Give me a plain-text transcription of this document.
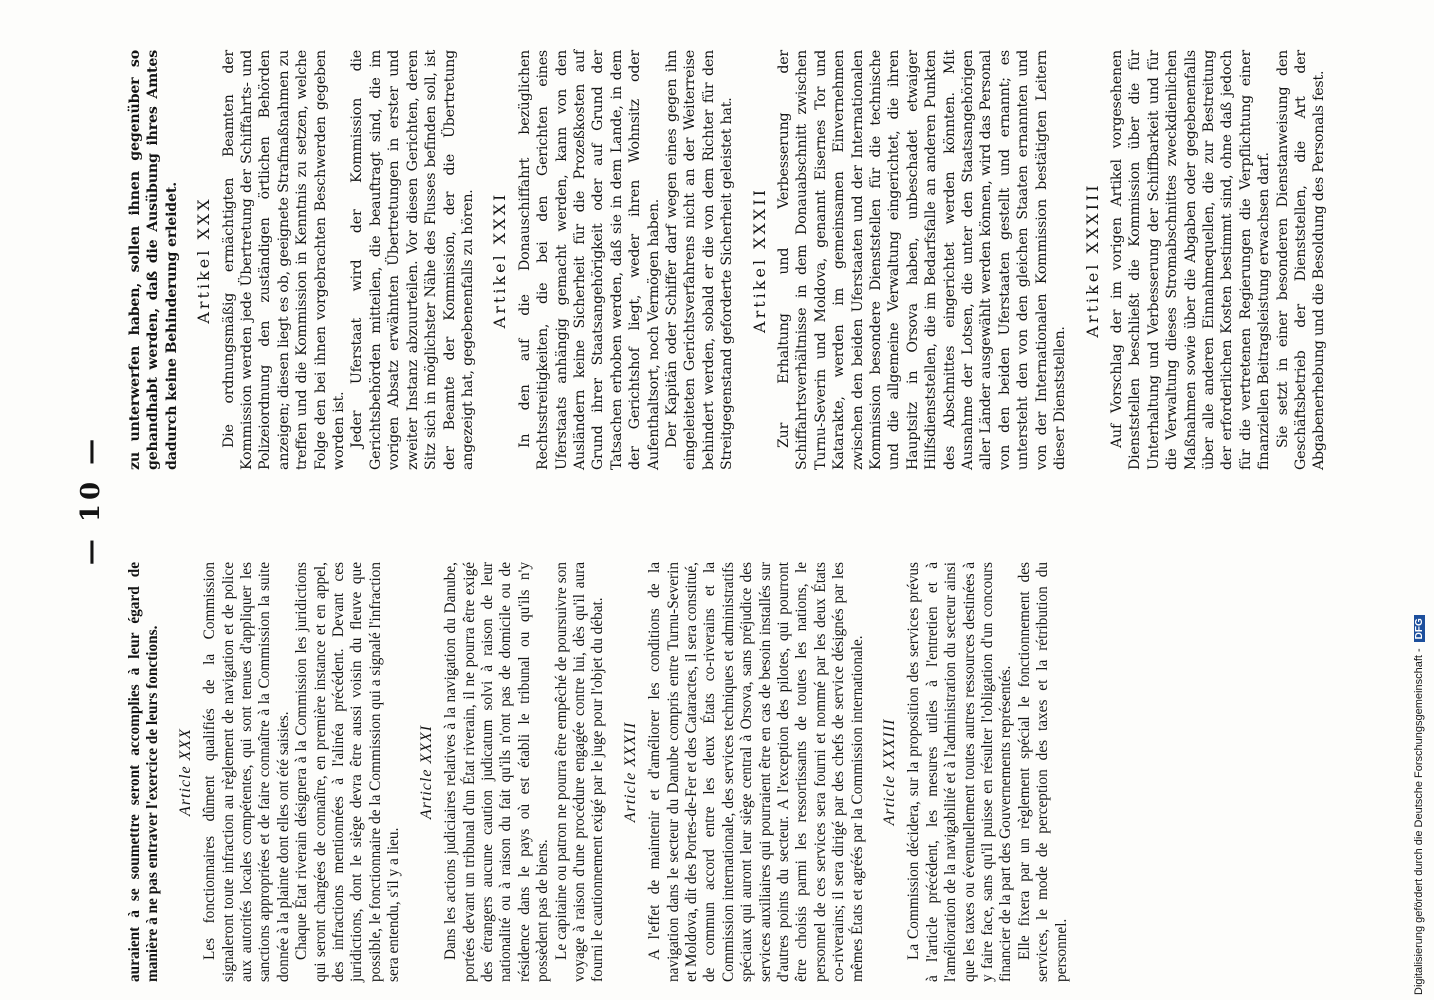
— 10 —

auraient à se soumettre seront accomplies à leur égard de manière à ne pas entraver l'exercice de leurs fonctions. Article XXX Les fonctionnaires dûment qualifiés de la Commission signaleront toute infraction au règlement de navigation et de police aux autorités locales compétentes, qui sont tenues d'appliquer les sanctions appropriées et de faire connaître à la Commission la suite donnée à la plainte dont elles ont été saisies. Chaque État riverain désignera à la Commission les juridictions qui seront chargées de connaître, en première instance et en appel, des infractions mentionnées à l'alinéa précédent. Devant ces juridictions, dont le siège devra être aussi voisin du fleuve que possible, le fonctionnaire de la Commission qui a signalé l'infraction sera entendu, s'il y a lieu.

Article XXXI Dans les actions judiciaires relatives à la navigation du Danube, portées devant un tribunal d'un État riverain, il ne pourra être exigé des étrangers aucune caution judicatum solvi à raison de leur nationalité ou à raison du fait qu'ils n'ont pas de domicile ou de résidence dans le pays où est établi le tribunal ou qu'ils n'y possèdent pas de biens. Le capitaine ou patron ne pourra être empêché de poursuivre son voyage à raison d'une procédure engagée contre lui, dès qu'il aura fourni le cautionnement exigé par le juge pour l'objet du débat. Article XXXII A l'effet de maintenir et d'améliorer les conditions de la navigation dans le secteur du Danube compris entre Turnu-Severin et Moldova, dit des Portes-de-Fer et des Cataractes, il sera constitué, de commun accord entre les deux États co-riverains et la Commission internationale, des services techniques et administratifs spéciaux qui auront leur siège central à Orsova, sans préjudice des services auxiliaires qui pourraient être en cas de besoin installés sur d'autres points du secteur. A l'exception des pilotes, qui pourront être choisis parmi les ressortissants de toutes les nations, le personnel de ces services sera fourni et nommé par les deux États co-riverains; il sera dirigé par des chefs de service désignés par les mêmes États et agréés par la Commission internationale. Article XXXIII La Commission décidera, sur la proposition des services prévus à l'article précédent, les mesures utiles à l'entretien et à l'amélioration de la navigabilité et à l'administration du secteur ainsi que les taxes ou éventuellement toutes autres ressources destinées à y faire face, sans qu'il puisse en résulter l'obligation d'un concours financier de la part des Gouvernements représentés. Elle fixera par un règlement spécial le fonctionnement des services, le mode de perception des taxes et la rétribution du personnel.

zu unterwerfen haben, sollen ihnen gegenüber so gehandhabt werden, daß die Ausübung ihres Amtes dadurch keine Behinderung erleidet. Artikel XXX Die ordnungsmäßig ermächtigten Beamten der Kommission werden jede Übertretung der Schiffahrts- und Polizeiordnung den zuständigen örtlichen Behörden anzeigen; diesen liegt es ob, geeignete Strafmaßnahmen zu treffen und die Kommission in Kenntnis zu setzen, welche Folge den bei ihnen vorgebrachten Beschwerden gegeben worden ist. Jeder Uferstaat wird der Kommission die Gerichtsbehörden mitteilen, die beauftragt sind, die im vorigen Absatz erwähnten Übertretungen in erster und zweiter Instanz abzuurteilen. Vor diesen Gerichten, deren Sitz sich in möglichster Nähe des Flusses befinden soll, ist der Beamte der Kommission, der die Übertretung angezeigt hat, gegebenenfalls zu hören. Artikel XXXI In den auf die Donauschiffahrt bezüglichen Rechtsstreitigkeiten, die bei den Gerichten eines Uferstaats anhängig gemacht werden, kann von den Ausländern keine Sicherheit für die Prozeßkosten auf Grund ihrer Staatsangehörigkeit oder auf Grund der Tatsachen erhoben werden, daß sie in dem Lande, in dem der Gerichtshof liegt, weder ihren Wohnsitz oder Aufenthaltsort, noch Vermögen haben. Der Kapitän oder Schiffer darf wegen eines gegen ihn eingeleiteten Gerichtsverfahrens nicht an der Weiterreise behindert werden, sobald er die von dem Richter für den Streitgegenstand geforderte Sicherheit geleistet hat. Artikel XXXII Zur Erhaltung und Verbesserung der Schiffahrtsverhältnisse in dem Donauabschnitt zwischen Turnu-Severin und Moldova, genannt Eisernes Tor und Katarakte, werden im gemeinsamen Einvernehmen zwischen den beiden Uferstaaten und der Internationalen Kommission besondere Dienststellen für die technische und die allgemeine Verwaltung eingerichtet, die ihren Hauptsitz in Orsova haben, unbeschadet etwaiger Hilfsdienststellen, die im Bedarfsfalle an anderen Punkten des Abschnittes eingerichtet werden könnten. Mit Ausnahme der Lotsen, die unter den Staatsangehörigen aller Länder ausgewählt werden können, wird das Personal von den beiden Uferstaaten gestellt und ernannt; es untersteht den von den gleichen Staaten ernannten und von der Internationalen Kommission bestätigten Leitern dieser Dienststellen.

Artikel XXXIII Auf Vorschlag der im vorigen Artikel vorgesehenen Dienststellen beschließt die Kommission über die für Unterhaltung und Verbesserung der Schiffbarkeit und für die Verwaltung dieses Stromabschnittes zweckdienlichen Maßnahmen sowie über die Abgaben oder gegebenenfalls über alle anderen Einnahmequellen, die zur Bestreitung der erforderlichen Kosten bestimmt sind, ohne daß jedoch für die vertretenen Regierungen die Verpflichtung einer finanziellen Beitragsleistung erwachsen darf. Sie setzt in einer besonderen Dienstanweisung den Geschäftsbetrieb der Dienststellen, die Art der Abgabenerhebung und die Besoldung des Personals fest.

Digitalisierung gefördert durch die Deutsche Forschungsgemeinschaft -DFG
